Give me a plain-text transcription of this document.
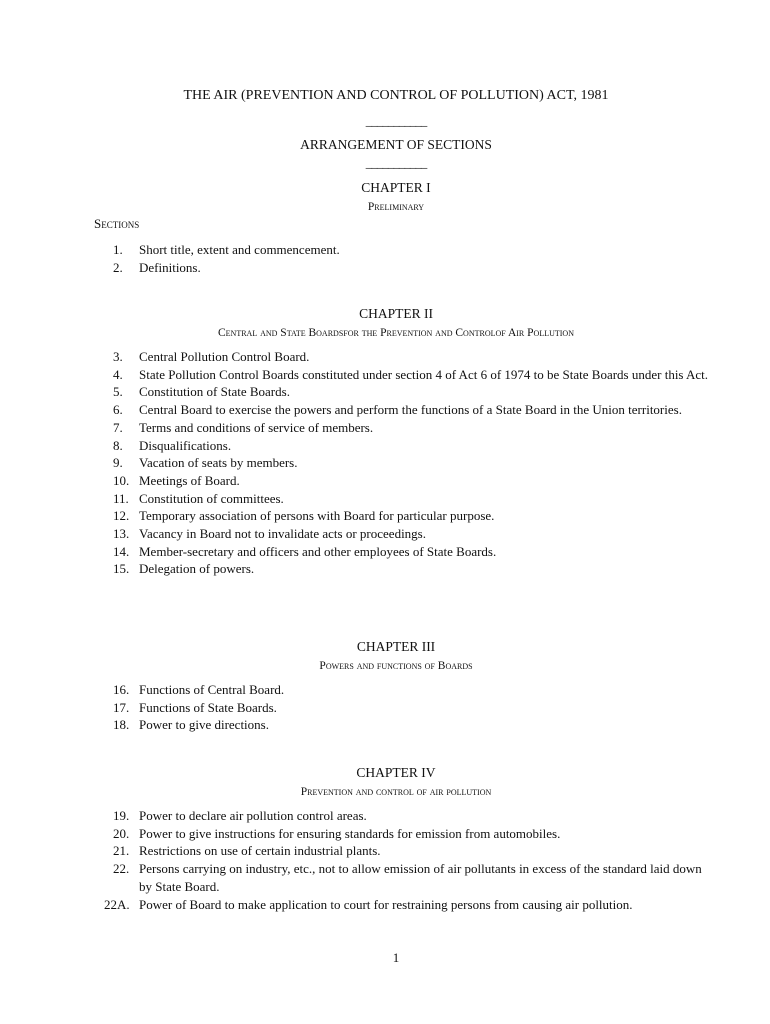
THE AIR (PREVENTION AND CONTROL OF POLLUTION) ACT, 1981
___________
ARRANGEMENT OF SECTIONS
___________
CHAPTER I
Preliminary
Sections
1.	Short title, extent and commencement.
2.	Definitions.
CHAPTER II
Central and State Boardsfor the Prevention and Controlof Air Pollution
3.	Central Pollution Control Board.
4.	State Pollution Control Boards constituted under section 4 of Act 6 of 1974 to be State Boards under this Act.
5.	Constitution of State Boards.
6.	Central Board to exercise the powers and perform the functions of a State Board in the Union territories.
7.	Terms and conditions of service of members.
8.	Disqualifications.
9.	Vacation of seats by members.
10. Meetings of Board.
11. Constitution of committees.
12. Temporary association of persons with Board for particular purpose.
13. Vacancy in Board not to invalidate acts or proceedings.
14. Member-secretary and officers and other employees of State Boards.
15. Delegation of powers.
CHAPTER III
Powers and functions of Boards
16. Functions of Central Board.
17. Functions of State Boards.
18. Power to give directions.
CHAPTER IV
Prevention and control of air pollution
19. Power to declare air pollution control areas.
20. Power to give instructions for ensuring standards for emission from automobiles.
21. Restrictions on use of certain industrial plants.
22. Persons carrying on industry, etc., not to allow emission of air pollutants in excess of the standard laid down by State Board.
22A. Power of Board to make application to court for restraining persons from causing air pollution.
1
